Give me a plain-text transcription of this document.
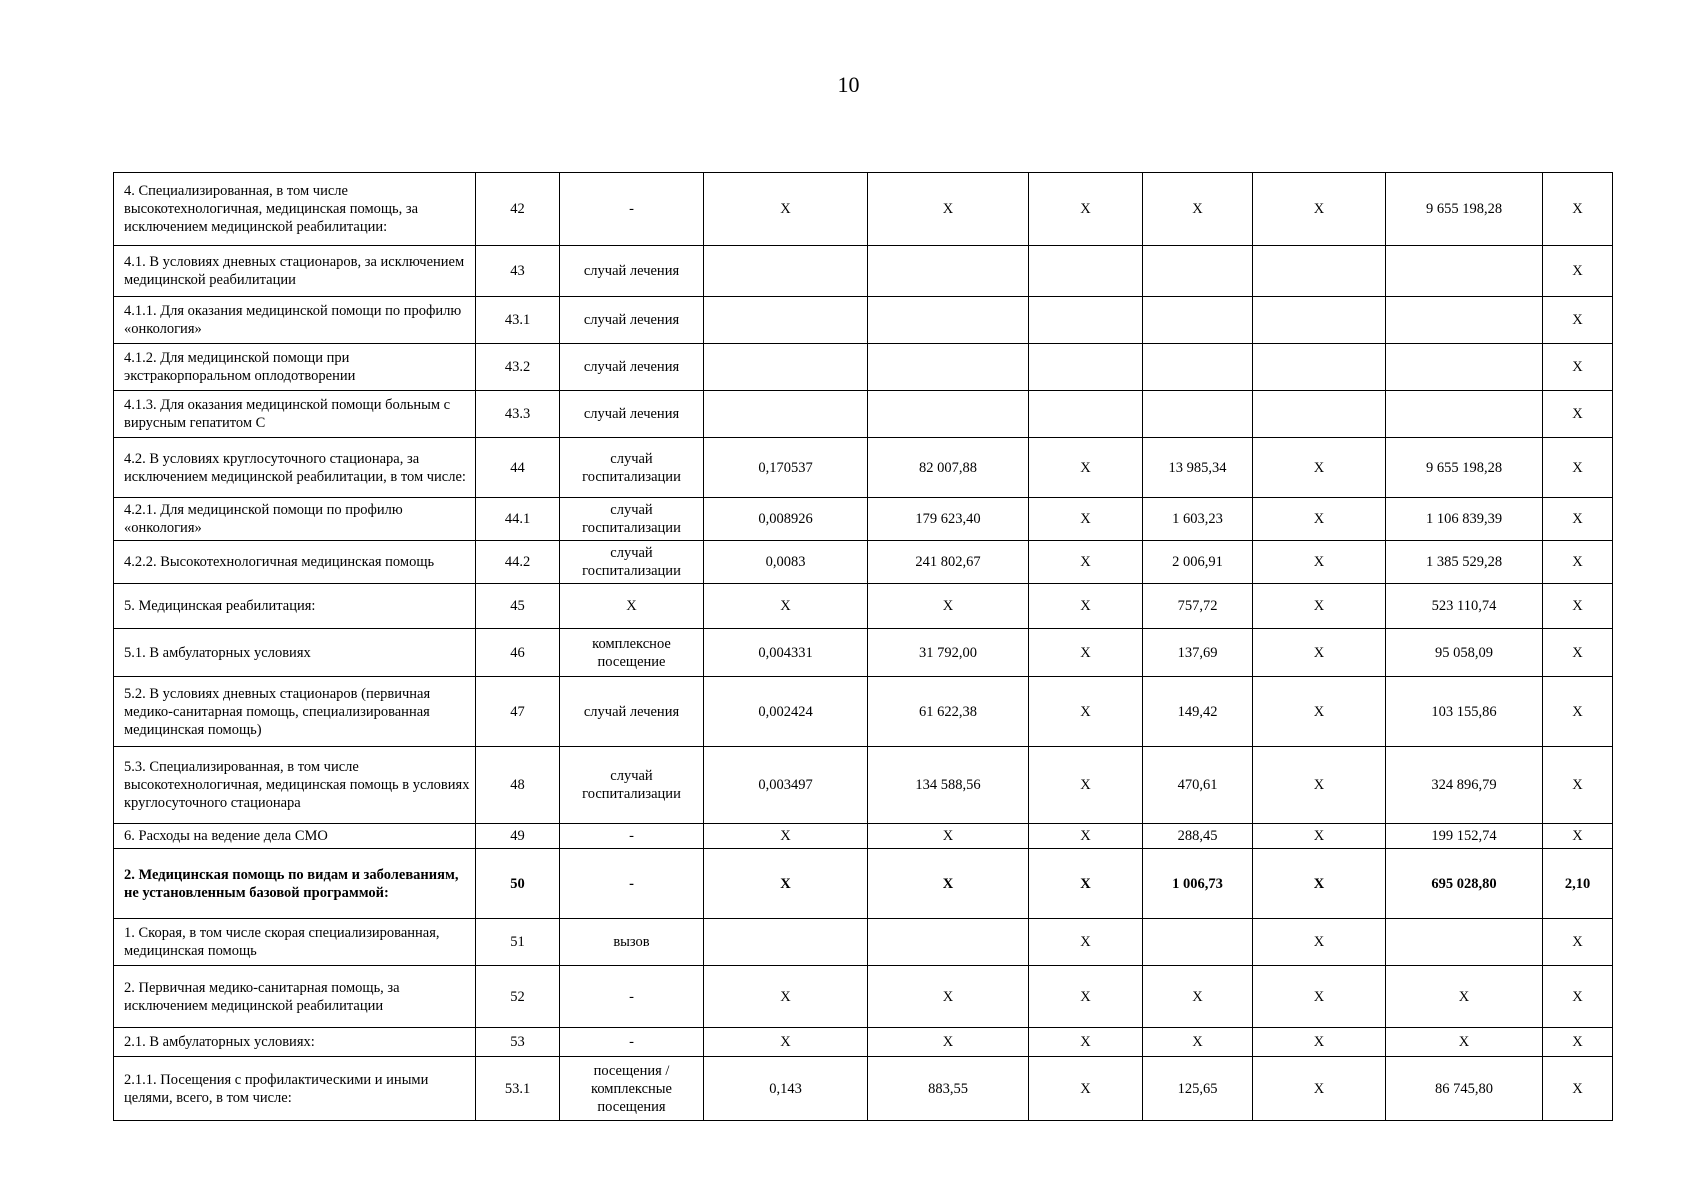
10
4. Специализированная, в том числе высокотехнологичная, медицинская помощь, за исключением медицинской реабилитации:	42	-	X	X	X	X	X	9 655 198,28	X
4.1. В условиях дневных стационаров, за исключением медицинской реабилитации	43	случай лечения							X
4.1.1. Для оказания медицинской помощи по профилю «онкология»	43.1	случай лечения							X
4.1.2. Для медицинской помощи при экстракорпоральном оплодотворении	43.2	случай лечения							X
4.1.3. Для оказания медицинской помощи больным с вирусным гепатитом С	43.3	случай лечения							X
4.2. В условиях круглосуточного стационара, за исключением медицинской реабилитации, в том числе:	44	случай госпитализации	0,170537	82 007,88	X	13 985,34	X	9 655 198,28	X
4.2.1. Для медицинской помощи по профилю «онкология»	44.1	случай госпитализации	0,008926	179 623,40	X	1 603,23	X	1 106 839,39	X
4.2.2. Высокотехнологичная медицинская помощь	44.2	случай госпитализации	0,0083	241 802,67	X	2 006,91	X	1 385 529,28	X
5. Медицинская реабилитация:	45	X	X	X	X	757,72	X	523 110,74	X
5.1. В амбулаторных условиях	46	комплексное посещение	0,004331	31 792,00	X	137,69	X	95 058,09	X
5.2. В условиях дневных стационаров (первичная медико-санитарная помощь, специализированная медицинская помощь)	47	случай лечения	0,002424	61 622,38	X	149,42	X	103 155,86	X
5.3. Специализированная, в том числе высокотехнологичная, медицинская помощь в условиях круглосуточного стационара	48	случай госпитализации	0,003497	134 588,56	X	470,61	X	324 896,79	X
6. Расходы на ведение дела СМО	49	-	X	X	X	288,45	X	199 152,74	X
2. Медицинская помощь по видам и заболеваниям, не установленным базовой программой:	50	-	X	X	X	1 006,73	X	695 028,80	2,10
1. Скорая, в том числе скорая специализированная, медицинская помощь	51	вызов			X		X		X
2. Первичная медико-санитарная помощь, за исключением медицинской реабилитации	52	-	X	X	X	X	X	X	X
2.1. В амбулаторных условиях:	53	-	X	X	X	X	X	X	X
2.1.1. Посещения с профилактическими и иными целями, всего, в том числе:	53.1	посещения / комплексные посещения	0,143	883,55	X	125,65	X	86 745,80	X
